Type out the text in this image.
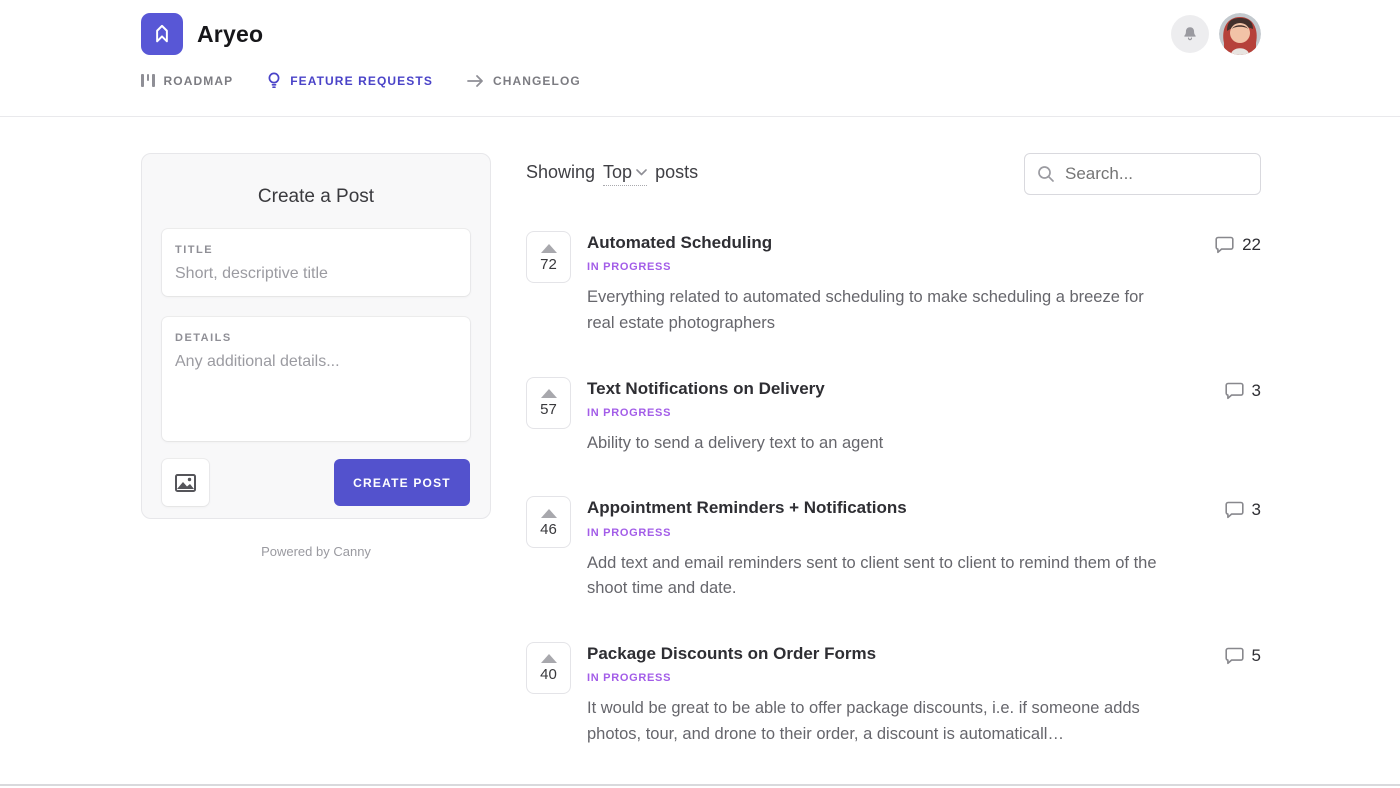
Aryeo
ROADMAP	FEATURE REQUESTS	CHANGELOG
Create a Post
TITLE
Short, descriptive title
DETAILS
Any additional details...
CREATE POST
Powered by Canny
Showing Top posts
Search...
72
Automated Scheduling
IN PROGRESS
Everything related to automated scheduling to make scheduling a breeze for real estate photographers
22
57
Text Notifications on Delivery
IN PROGRESS
Ability to send a delivery text to an agent
3
46
Appointment Reminders + Notifications
IN PROGRESS
Add text and email reminders sent to client sent to client to remind them of the shoot time and date.
3
40
Package Discounts on Order Forms
IN PROGRESS
It would be great to be able to offer package discounts, i.e. if someone adds photos, tour, and drone to their order, a discount is automaticall…
5
